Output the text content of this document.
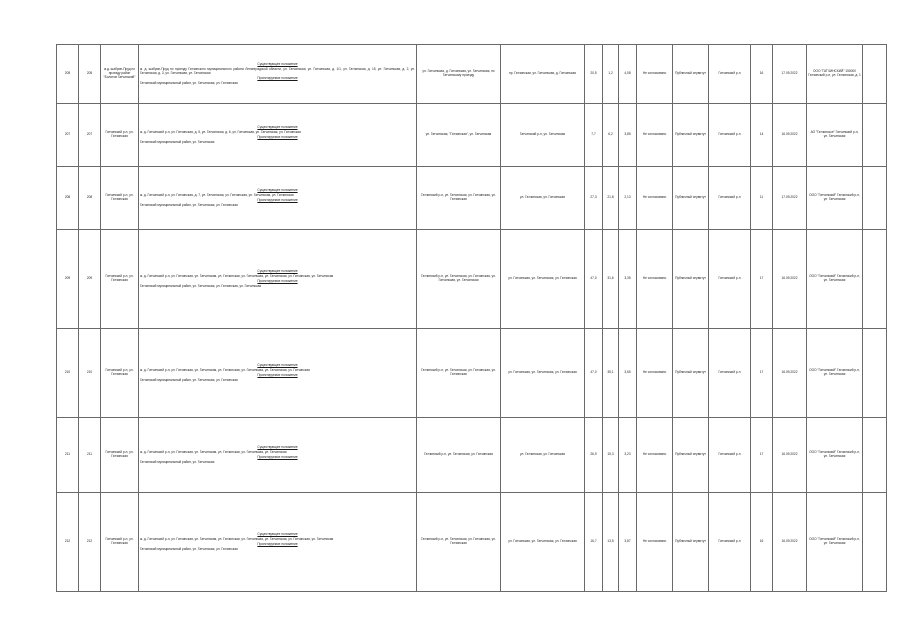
205	205	ж.д. шабрин-Пруд по проезду район "Болотов Гатчинский"	Существующее положение
ж. д. шабрин-Пруд по проезду Гатчинского муниципального района Ленинградской области, ул. Гатчинская, ул. Гатчинская, д. 1/1, ул. Гатчинская, д. 15, ул. Гатчинская, д. 2, ул. Гатчинская, д. 3, ул. Гатчинская, ул. Гатчинская
Проектируемое положение
Гатчинский муниципальный район, ул. Гатчинская, ул. Гатчинская	ул. Гатчинская, д. Гатчинская, ул. Гатчинская, по Гатчинскому проезду	пр. Гатчинская, ул. Гатчинская, д. Гатчинская	20,5	1,2	4,08	Не согласовано	Публичный сервитут	Гатчинский р-н	16	17.09.2022	ООО "ГАТЧИНСКИЙ" 150000 Гатчинский р-н, ул. Гатчинская, д. 1	
207	207	Гатчинский р-н, ул. Гатчинская	Существующее положение
ж. д. Гатчинский р-н, ул. Гатчинская, д. 5, ул. Гатчинская, д. 6, ул. Гатчинская, ул. Гатчинская, ул. Гатчинская
Проектируемое положение
Гатчинский муниципальный район, ул. Гатчинская	ул. Гатчинская, "Гатчинская", ул. Гатчинская	Гатчинский р-н, ул. Гатчинская	7,7	6,2	3,85	Не согласовано	Публичный сервитут	Гатчинский р-н	14	16.09.2022	АО "Гатчинское" Гатчинский р-н, ул. Гатчинская	
208	208	Гатчинский р-н, ул. Гатчинская	Существующее положение
ж. д. Гатчинский р-н, ул. Гатчинская, д. 7, ул. Гатчинская, ул. Гатчинская, ул. Гатчинская, ул. Гатчинская
Проектируемое положение
Гатчинский муниципальный район, ул. Гатчинская, ул. Гатчинская	Гатчинский р-н, ул. Гатчинская, ул. Гатчинская, ул. Гатчинская	ул. Гатчинская, ул. Гатчинская	27,3	21,8	2,13	Не согласовано	Публичный сервитут	Гатчинский р-н	11	17.09.2022	ООО "Гатчинский" Гатчинский р-н, ул. Гатчинская	
209	209	Гатчинский р-н, ул. Гатчинская	Существующее положение
ж. д. Гатчинский р-н, ул. Гатчинская, ул. Гатчинская, ул. Гатчинская, ул. Гатчинская, ул. Гатчинская, ул. Гатчинская, ул. Гатчинская
Проектируемое положение
Гатчинский муниципальный район, ул. Гатчинская, ул. Гатчинская, ул. Гатчинская	Гатчинский р-н, ул. Гатчинская, ул. Гатчинская, ул. Гатчинская, ул. Гатчинская	ул. Гатчинская, ул. Гатчинская, ул. Гатчинская	47,0	31,6	3,35	Не согласовано	Публичный сервитут	Гатчинский р-н	17	16.09.2022	ООО "Гатчинский" Гатчинский р-н, ул. Гатчинская	
210	210	Гатчинский р-н, ул. Гатчинская	Существующее положение
ж. д. Гатчинский р-н, ул. Гатчинская, ул. Гатчинская, ул. Гатчинская, ул. Гатчинская, ул. Гатчинская, ул. Гатчинская
Проектируемое положение
Гатчинский муниципальный район, ул. Гатчинская, ул. Гатчинская	Гатчинский р-н, ул. Гатчинская, ул. Гатчинская, ул. Гатчинская	ул. Гатчинская, ул. Гатчинская, ул. Гатчинская	47,0	35,1	3,65	Не согласовано	Публичный сервитут	Гатчинский р-н	17	16.09.2022	ООО "Гатчинский" Гатчинский р-н, ул. Гатчинская	
211	211	Гатчинский р-н, ул. Гатчинская	Существующее положение
ж. д. Гатчинский р-н, ул. Гатчинская, ул. Гатчинская, ул. Гатчинская, ул. Гатчинская, ул. Гатчинская
Проектируемое положение
Гатчинский муниципальный район, ул. Гатчинская	Гатчинский р-н, ул. Гатчинская, ул. Гатчинская	ул. Гатчинская, ул. Гатчинская	26,9	15,3	3,23	Не согласовано	Публичный сервитут	Гатчинский р-н	17	16.09.2022	ООО "Гатчинский" Гатчинский р-н, ул. Гатчинская	
212	212	Гатчинский р-н, ул. Гатчинская	Существующее положение
ж. д. Гатчинский р-н, ул. Гатчинская, ул. Гатчинская, ул. Гатчинская, ул. Гатчинская, ул. Гатчинская, ул. Гатчинская, ул. Гатчинская
Проектируемое положение
Гатчинский муниципальный район, ул. Гатчинская, ул. Гатчинская	Гатчинский р-н, ул. Гатчинская, ул. Гатчинская, ул. Гатчинская	ул. Гатчинская, ул. Гатчинская, ул. Гатчинская	16,7	13,5	3,87	Не согласовано	Публичный сервитут	Гатчинский р-н	16	16.09.2022	ООО "Гатчинский" Гатчинский р-н, ул. Гатчинская	
